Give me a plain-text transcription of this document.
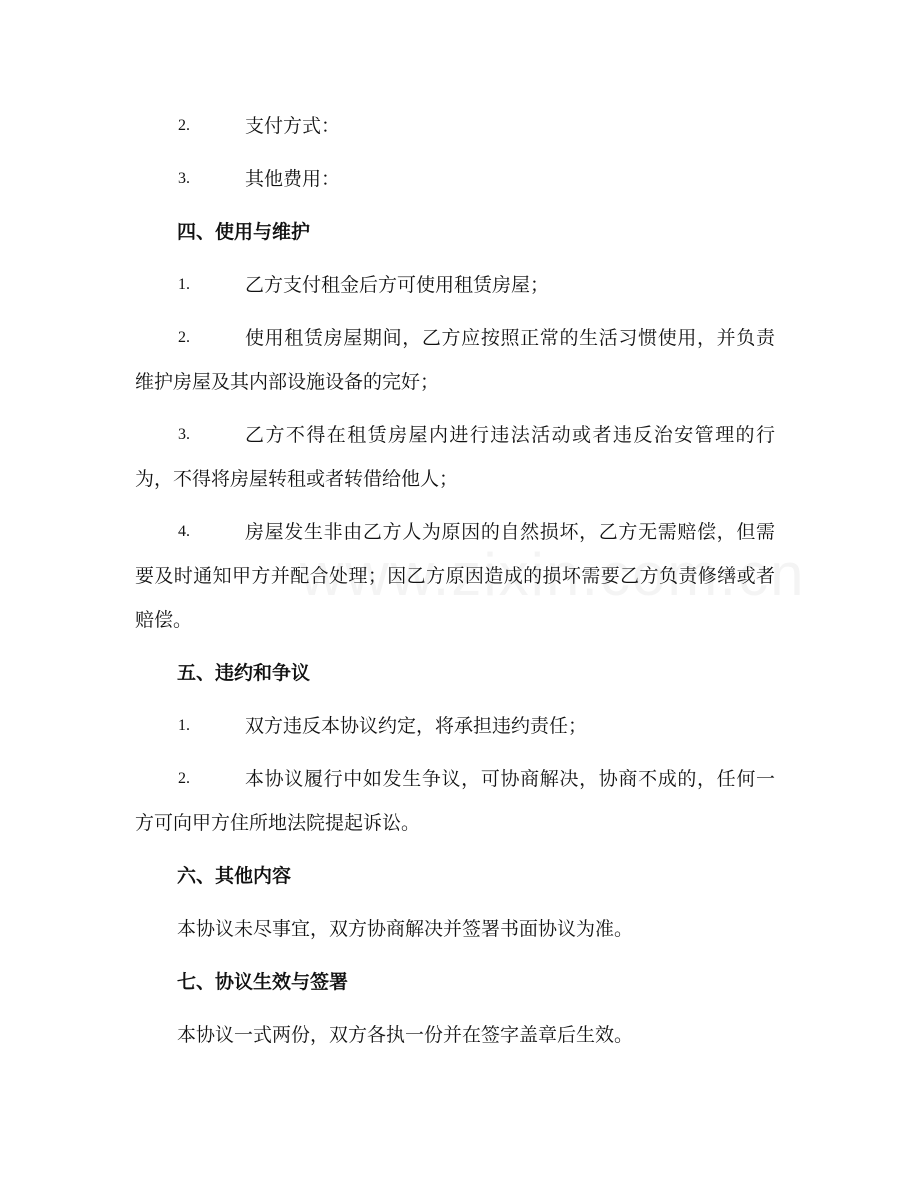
2.	支付方式：
3.	其他费用：
四、使用与维护
1.	乙方支付租金后方可使用租赁房屋；
2.	使用租赁房屋期间，乙方应按照正常的生活习惯使用，并负责维护房屋及其内部设施设备的完好；
3.	乙方不得在租赁房屋内进行违法活动或者违反治安管理的行为，不得将房屋转租或者转借给他人；
4.	房屋发生非由乙方人为原因的自然损坏，乙方无需赔偿，但需要及时通知甲方并配合处理；因乙方原因造成的损坏需要乙方负责修缮或者赔偿。
五、违约和争议
1.	双方违反本协议约定，将承担违约责任；
2.	本协议履行中如发生争议，可协商解决，协商不成的，任何一方可向甲方住所地法院提起诉讼。
六、其他内容
本协议未尽事宜，双方协商解决并签署书面协议为准。
七、协议生效与签署
本协议一式两份，双方各执一份并在签字盖章后生效。
